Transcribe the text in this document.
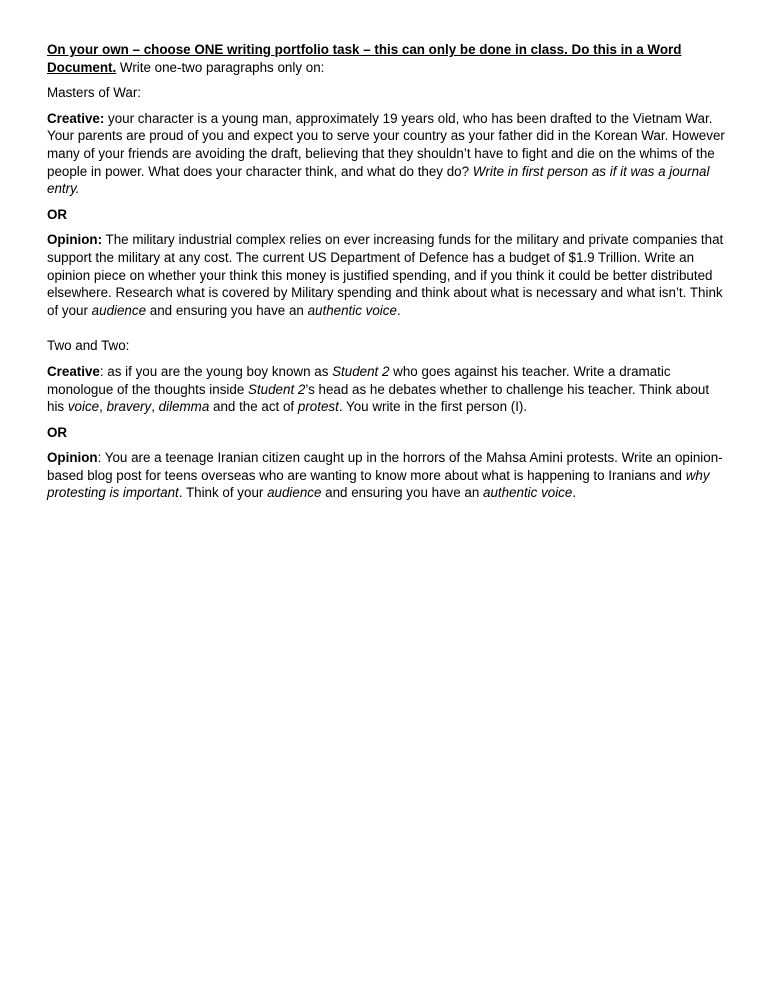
On your own – choose ONE writing portfolio task – this can only be done in class. Do this in a Word Document. Write one-two paragraphs only on:

Masters of War:

Creative: your character is a young man, approximately 19 years old, who has been drafted to the Vietnam War. Your parents are proud of you and expect you to serve your country as your father did in the Korean War. However many of your friends are avoiding the draft, believing that they shouldn’t have to fight and die on the whims of the people in power. What does your character think, and what do they do? Write in first person as if it was a journal entry.

OR

Opinion: The military industrial complex relies on ever increasing funds for the military and private companies that support the military at any cost. The current US Department of Defence has a budget of $1.9 Trillion. Write an opinion piece on whether your think this money is justified spending, and if you think it could be better distributed elsewhere. Research what is covered by Military spending and think about what is necessary and what isn’t. Think of your audience and ensuring you have an authentic voice.

Two and Two:

Creative: as if you are the young boy known as Student 2 who goes against his teacher. Write a dramatic monologue of the thoughts inside Student 2’s head as he debates whether to challenge his teacher. Think about his voice, bravery, dilemma and the act of protest. You write in the first person (I).

OR

Opinion: You are a teenage Iranian citizen caught up in the horrors of the Mahsa Amini protests. Write an opinion-based blog post for teens overseas who are wanting to know more about what is happening to Iranians and why protesting is important. Think of your audience and ensuring you have an authentic voice.
